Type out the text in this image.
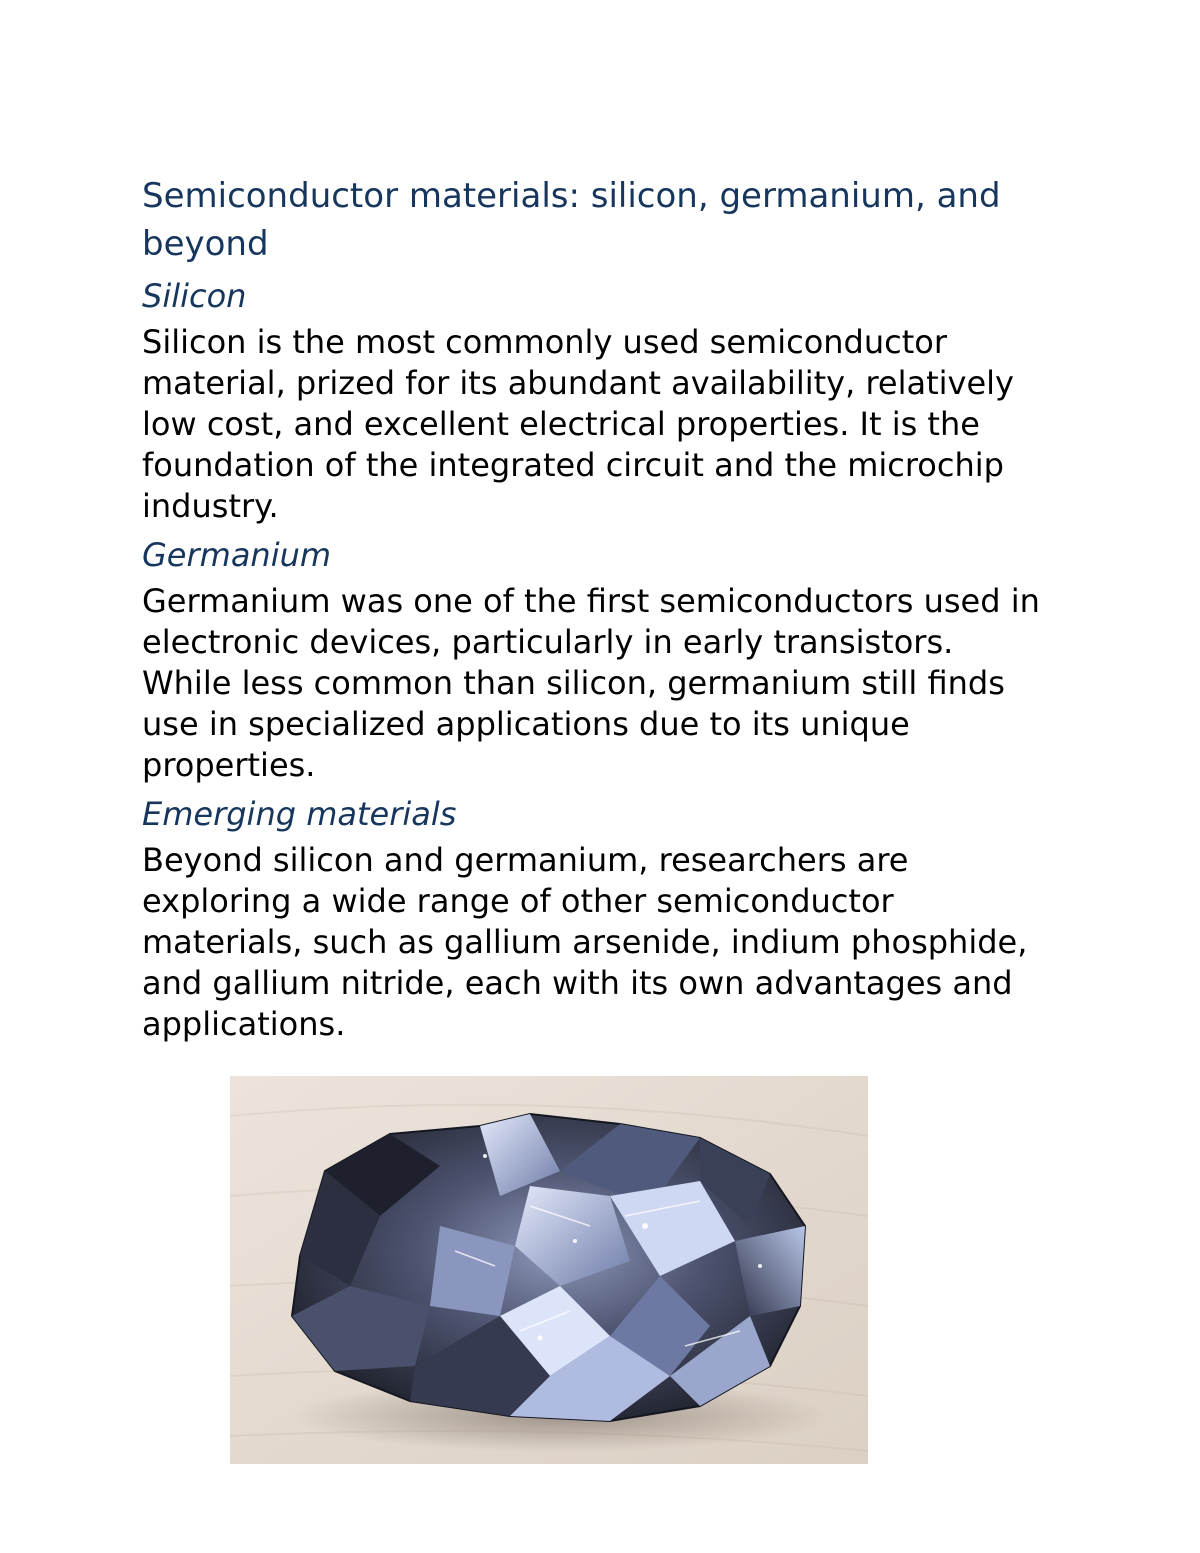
Semiconductor materials: silicon, germanium, and beyond
Silicon

Silicon is the most commonly used semiconductor material, prized for its abundant availability, relatively low cost, and excellent electrical properties. It is the foundation of the integrated circuit and the microchip industry.

Germanium

Germanium was one of the first semiconductors used in electronic devices, particularly in early transistors. While less common than silicon, germanium still finds use in specialized applications due to its unique properties.

Emerging materials

Beyond silicon and germanium, researchers are exploring a wide range of other semiconductor materials, such as gallium arsenide, indium phosphide, and gallium nitride, each with its own advantages and applications.
